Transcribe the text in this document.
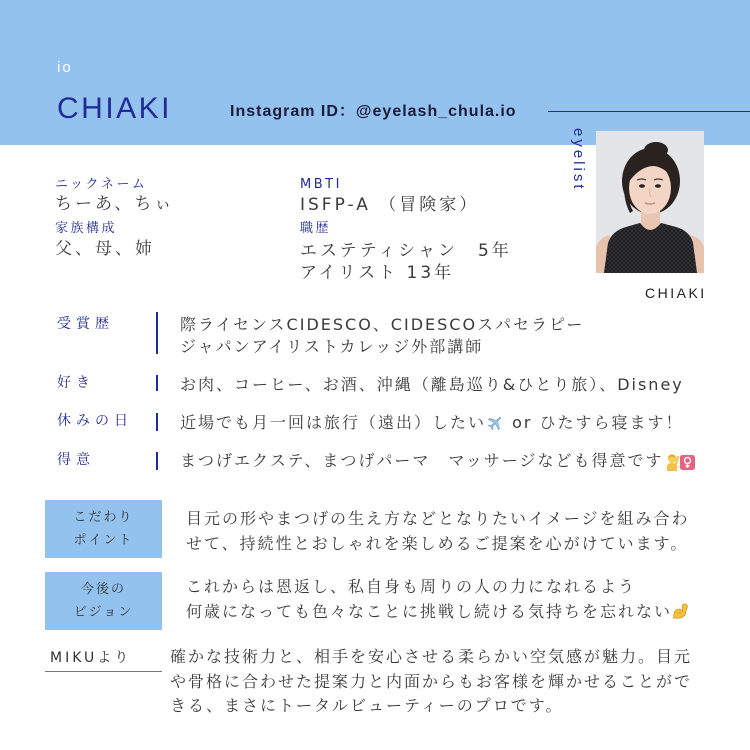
io
CHIAKI	Instagram ID：@eyelash_chula.io
eyelist
CHIAKI
ニックネーム
ちーあ、ちぃ
家族構成
父、母、姉
MBTI
ISFP-A （冒険家）
職歴
エステティシャン　5年
アイリスト 13年
受賞歴	際ライセンスCIDESCO、CIDESCOスパセラピー
ジャパンアイリストカレッジ外部講師
好き	お肉、コーヒー、お酒、沖縄（離島巡り&ひとり旅）、Disney
休みの日	近場でも月一回は旅行（遠出）したい or ひたすら寝ます！
得意	まつげエクステ、まつげパーマ　マッサージなども得意です
こだわり
ポイント
目元の形やまつげの生え方などとなりたいイメージを組み合わ
せて、持続性とおしゃれを楽しめるご提案を心がけています。
今後の
ビジョン
これからは恩返し、私自身も周りの人の力になれるよう
何歳になっても色々なことに挑戦し続ける気持ちを忘れない
MIKUより 確かな技術力と、相手を安心させる柔らかい空気感が魅力。目元
や骨格に合わせた提案力と内面からもお客様を輝かせることがで
きる、まさにトータルビューティーのプロです。
